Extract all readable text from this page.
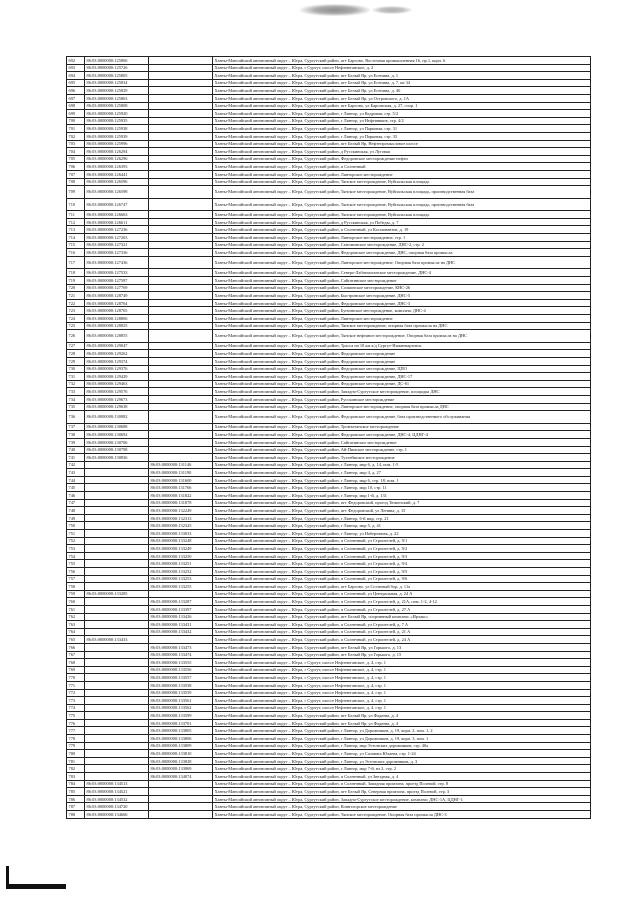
692	86:03:0000000:125866		Ханты-Мансийский автономный округ – Югра, Сургутский район, пгт Барсово, Восточная промышленная 16, пр.1, корп. 6
693	86:03:0000000:125726		Ханты-Мансийский автономный округ – Югра, г Сургут, шоссе Нефтеюганское, д. 2
694	86:03:0000000:125805		Ханты-Мансийский автономный округ – Югра, Сургутский район, пгт Белый Яр, ул Есенина, д. 1
695	86:03:0000000:125834		Ханты-Мансийский автономный округ – Югра, Сургутский район, пгт Белый Яр, ул Есенина, д. 7, кв 34
696	86:03:0000000:125829		Ханты-Мансийский автономный округ – Югра, Сургутский район, пгт Белый Яр, ул Есенина, д. 46
697	86:03:0000000:125863		Ханты-Мансийский автономный округ – Югра, Сургутский район, пгт Белый Яр, ул Островского, д. 1А
698	86:03:0000000:125808		Ханты-Мансийский автономный округ – Югра, Сургутский район, пгт Барсово, ул Барсовская, д. 27, соор. 1
699	86:03:0000000:125920		Ханты-Мансийский автономный округ – Югра, Сургутский район, г Лянтор, ул Кедровая, стр. 5/2
700	86:03:0000000:125935		Ханты-Мансийский автономный округ – Югра, Сургутский район, г Лянтор, ул Нефтяников, стр. 4/2
701	86:03:0000000:125938		Ханты-Мансийский автономный округ – Югра, Сургутский район, г Лянтор, ул Парковая, стр. 31
702	86:03:0000000:125939		Ханты-Мансийский автономный округ – Югра, Сургутский район, г Лянтор, ул Парковая, стр. 35
703	86:03:0000000:125996		Ханты-Мансийский автономный округ – Югра, Сургутский район, пгт Белый Яр, Нефтепромысловое шоссе
704	86:03:0000000:126294		Ханты-Мансийский автономный округ – Югра, Сургутский район, д Русскинская, ул Луговая
705	86:03:0000000:126296		Ханты-Мансийский автономный округ – Югра, Сургутский район, Федоровское месторождение нефти
706	86:03:0000000:126393		Ханты-Мансийский автономный округ – Югра, Сургутский район, п Солнечный
707	86:03:0000000:126441		Ханты-Мансийский автономный округ – Югра, Сургутский район, Лянторское месторождение
708	86:03:0000000:126596		Ханты-Мансийский автономный округ – Югра, Сургутский район, Тянское месторождение, Вуйпальская площадь
709	86:03:0000000:126598		Ханты-Мансийский автономный округ – Югра, Сургутский район, Тянское месторождение, Вуйпальская площадь, производственная база
710	86:03:0000000:126747		Ханты-Мансийский автономный округ – Югра, Сургутский район, Тянское месторождение, Вуйпальская площадь, производственная база
711	86:03:0000000:126663		Ханты-Мансийский автономный округ – Югра, Сургутский район, Тянское месторождение, Вуйпальская площадь
712	86:03:0000000:126611		Ханты-Мансийский автономный округ – Югра, Сургутский район, д Русскинская, ул Победы, д. 7
713	86:03:0000000:127236		Ханты-Мансийский автономный округ – Югра, Сургутский район, п Солнечный, ул Космонавтов, д. 19
714	86:03:0000000:127263		Ханты-Мансийский автономный округ – Югра, Сургутский район, Лянторское месторождение, стр. 1
715	86:03:0000000:127321		Ханты-Мансийский автономный округ – Югра, Сургутский район, Сытоминское месторождение, ДНС-2, стр. 2
716	86:03:0000000:127336		Ханты-Мансийский автономный округ – Югра, Сургутский район, Федоровское месторождение, ДНС, опорная база промысла
717	86:03:0000000:127436		Ханты-Мансийский автономный округ – Югра, Сургутский район, Лянторское месторождение, Опорная база промысла на ДНС
718	86:03:0000000:127533		Ханты-Мансийский автономный округ – Югра, Сургутский район, Северо-Лабатьюганское месторождение, ДНС-4
719	86:03:0000000:127587		Ханты-Мансийский автономный округ – Югра, Сургутский район, Сайгатинское месторождение
720	86:03:0000000:127769		Ханты-Мансийский автономный округ – Югра, Сургутский район, Солкинское месторождение, КНС-26
721	86:03:0000000:128749		Ханты-Мансийский автономный округ – Югра, Сургутский район, Быстринское месторождение, ДНС-5
722	86:03:0000000:128764		Ханты-Мансийский автономный округ – Югра, Сургутский район, Федоровское месторождение, ДНС-3
723	86:03:0000000:128765		Ханты-Мансийский автономный округ – Югра, Сургутский район, Бунгинское месторождение, комплекс ДНС-4
724	86:03:0000000:128806		Ханты-Мансийский автономный округ – Югра, Сургутский район, Лянторское месторождение
725	86:03:0000000:128825		Ханты-Мансийский автономный округ – Югра, Сургутский район, Тянское месторождение, опорная база промысла на ДНС
726	86:03:0000000:128855		Ханты-Мансийский автономный округ – Югра, Сургутский район, Тянское нефтяное месторождение, Опорная база промысла на ДНС
727	86:03:0000000:129047		Ханты-Мансийский автономный округ – Югра, Сургутский район, Трасса на 10 км а/д Сургут-Нижневартовск
728	86:03:0000000:129262		Ханты-Мансийский автономный округ – Югра, Сургутский район, Федоровское месторождение
729	86:03:0000000:129374		Ханты-Мансийский автономный округ – Югра, Сургутский район, Федоровское месторождение
730	86:03:0000000:129376		Ханты-Мансийский автономный округ – Югра, Сургутский район, Федоровское месторождение, ЦПО
731	86:03:0000000:129429		Ханты-Мансийский автономный округ – Югра, Сургутский район, Федоровское месторождение, ДНС-17
732	86:03:0000000:129463		Ханты-Мансийский автономный округ – Югра, Сургутский район, Федоровское месторождение, ДС-61
733	86:03:0000000:129576		Ханты-Мансийский автономный округ – Югра, Сургутский район, Западно-Сургутское месторождение, площадка ДНС
734	86:03:0000000:129673		Ханты-Мансийский автономный округ – Югра, Сургутский район, Русскинское месторождение
735	86:03:0000000:129638		Ханты-Мансийский автономный округ – Югра, Сургутский район, Лянторское месторождение, опорная база промысла ДНС
736	86:03:0000000:130082		Ханты-Мансийский автономный округ – Югра, Сургутский район, Федоровское месторождение, база производственного обслуживания
737	86:03:0000000:130688		Ханты-Мансийский автономный округ – Югра, Сургутский район, Тромъеганское месторождение
738	86:03:0000000:130692		Ханты-Мансийский автономный округ – Югра, Сургутский район, Федоровское месторождение, ДНС-4, ЦДНГ-4
739	86:03:0000000:130706		Ханты-Мансийский автономный округ – Югра, Сургутский район, Сайгатинское месторождение
740	86:03:0000000:130798		Ханты-Мансийский автономный округ – Югра, Сургутский район, Ай-Пимское месторождение, стр. 1
741	86:03:0000000:130836		Ханты-Мансийский автономный округ – Югра, Сургутский район, Тутлеймское месторождение
742		86:03:0000000:131146	Ханты-Мансийский автономный округ – Югра, Сургутский район, г Лянтор, мкр 6, д. 14, пом. 1-5
743		86:03:0000000:131190	Ханты-Мансийский автономный округ – Югра, Сургутский район, г Лянтор, мкр 4, д. 27
744		86:03:0000000:131600	Ханты-Мансийский автономный округ – Югра, Сургутский район, г Лянтор, мкр 6, стр. 18, пом. 1
745		86:03:0000000:131766	Ханты-Мансийский автономный округ – Югра, Сургутский район, г Лянтор, мкр 10, стр. 11
746		86:03:0000000:131822	Ханты-Мансийский автономный округ – Югра, Сургутский район, г Лянтор, мкр 1-й, д. 131
747		86:03:0000000:131878	Ханты-Мансийский автономный округ – Югра, Сургутский район, пгт Федоровский, проезд Тюменский, д. 7
748		86:03:0000000:132249	Ханты-Мансийский автономный округ – Югра, Сургутский район, пгт Федоровский, ул Ленина, д. 15
749		86:03:0000000:132313	Ханты-Мансийский автономный округ – Югра, Сургутский район, г Лянтор, 6-й мкр, стр. 21
750		86:03:0000000:132325	Ханты-Мансийский автономный округ – Югра, Сургутский район, г Лянтор, мкр 5, д. 41
751		86:03:0000000:133033	Ханты-Мансийский автономный округ – Югра, Сургутский район, г Лянтор, ул Набережная, д. 22
752		86:03:0000000:133248	Ханты-Мансийский автономный округ – Югра, Сургутский район, п Солнечный, ул Строителей, д. 9/1
753		86:03:0000000:133249	Ханты-Мансийский автономный округ – Югра, Сургутский район, п Солнечный, ул Строителей, д. 9/2
754		86:03:0000000:133250	Ханты-Мансийский автономный округ – Югра, Сургутский район, п Солнечный, ул Строителей, д. 9/3
755		86:03:0000000:133251	Ханты-Мансийский автономный округ – Югра, Сургутский район, п Солнечный, ул Строителей, д. 9/4
756		86:03:0000000:133252	Ханты-Мансийский автономный округ – Югра, Сургутский район, п Солнечный, ул Строителей, д. 9/5
757		86:03:0000000:133253	Ханты-Мансийский автономный округ – Югра, Сургутский район, п Солнечный, ул Строителей, д. 9/6
758		86:03:0000000:133255	Ханты-Мансийский автономный округ – Югра, Сургутский район, пгт Барсово, ул Сосновый бор, д. 11а
759	86:03:0000000:133285		Ханты-Мансийский автономный округ – Югра, Сургутский район, п Солнечный, ул Центральная, д. 24 А
760		86:03:0000000:133287	Ханты-Мансийский автономный округ – Югра, Сургутский район, п Солнечный, ул Строителей, д. 21А, пом. 1-2, 4-12
761		86:03:0000000:133397	Ханты-Мансийский автономный округ – Югра, Сургутский район, п Солнечный, ул Строителей, д. 27 А
762		86:03:0000000:133426	Ханты-Мансийский автономный округ – Югра, Сургутский район, пгт Белый Яр, спортивный комплекс «Ирлакс»
763		86:03:0000000:133431	Ханты-Мансийский автономный округ – Югра, Сургутский район, п Солнечный, ул Строителей, д. 7 А
764		86:03:0000000:133432	Ханты-Мансийский автономный округ – Югра, Сургутский район, п Солнечный, ул Строителей, д. 21 А
765	86:03:0000000:133433		Ханты-Мансийский автономный округ – Югра, Сургутский район, п Солнечный, ул Строителей, д. 24 А
766		86:03:0000000:133473	Ханты-Мансийский автономный округ – Югра, Сургутский район, пгт Белый Яр, ул Горького, д. 13
767		86:03:0000000:133474	Ханты-Мансийский автономный округ – Югра, Сургутский район, пгт Белый Яр, ул Горького, д. 15
768		86:03:0000000:133555	Ханты-Мансийский автономный округ – Югра, г Сургут, шоссе Нефтеюганское, д. 4, стр. 1
769		86:03:0000000:133556	Ханты-Мансийский автономный округ – Югра, г Сургут, шоссе Нефтеюганское, д. 4, стр. 1
770		86:03:0000000:133557	Ханты-Мансийский автономный округ – Югра, г Сургут, шоссе Нефтеюганское, д. 4, стр. 1
771		86:03:0000000:133558	Ханты-Мансийский автономный округ – Югра, г Сургут, шоссе Нефтеюганское, д. 4, стр. 1
772		86:03:0000000:133559	Ханты-Мансийский автономный округ – Югра, г Сургут, шоссе Нефтеюганское, д. 4, стр. 1
773		86:03:0000000:133561	Ханты-Мансийский автономный округ – Югра, г Сургут, шоссе Нефтеюганское, д. 4, стр. 1
774		86:03:0000000:133562	Ханты-Мансийский автономный округ – Югра, г Сургут, шоссе Нефтеюганское, д. 4, стр. 1
775		86:03:0000000:133599	Ханты-Мансийский автономный округ – Югра, Сургутский район, пгт Белый Яр, ул Фадеева, д. 4
776		86:03:0000000:133701	Ханты-Мансийский автономный округ – Югра, Сургутский район, пгт Белый Яр, ул Фадеева, д. 4
777		86:03:0000000:133805	Ханты-Мансийский автономный округ – Югра, Сургутский район, г Лянтор, ул Дорожников, д. 19, корп. 2, пом. 1, 2
778		86:03:0000000:133806	Ханты-Мансийский автономный округ – Югра, Сургутский район, г Лянтор, ул Дорожников, д. 19, корп. 3, пом. 1
779		86:03:0000000:133809	Ханты-Мансийский автономный округ – Югра, Сургутский район, г Лянтор, мкр Эстонских дорожников, стр. 40а
780		86:03:0000000:133810	Ханты-Мансийский автономный округ – Югра, Сургутский район, г Лянтор, ул Салавата Юлаева, стр. 1-24
781		86:03:0000000:133828	Ханты-Мансийский автономный округ – Югра, Сургутский район, г Лянтор, ул Эстонских дорожников, д. 3
782		86:03:0000000:133869	Ханты-Мансийский автономный округ – Югра, Сургутский район, г Лянтор, мкр 7-й, вл 2, стр. 2
783		86:03:0000000:134074	Ханты-Мансийский автономный округ – Югра, Сургутский район, п Солнечный, ул Звездная, д. 4
784	86:03:0000000:134513		Ханты-Мансийский автономный округ – Югра, Сургутский район, п Солнечный, Западная промзона, проезд Полевой, стр. 8
785	86:03:0000000:134521		Ханты-Мансийский автономный округ – Югра, Сургутский район, пгт Белый Яр, Северная промзона, проезд Полевой, стр. 3
786	86:03:0000000:134532		Ханты-Мансийский автономный округ – Югра, Сургутский район, Западно-Сургутское месторождение, комплекс ДНС-1А, ЦДНГ-1
787	86:03:0000000:134720		Ханты-Мансийский автономный округ – Югра, Сургутский район, Конитлорское месторождение
788	86:03:0000000:134666		Ханты-Мансийский автономный округ – Югра, Сургутский район, Тянское месторождение, Опорная база промысла ДНС-3
